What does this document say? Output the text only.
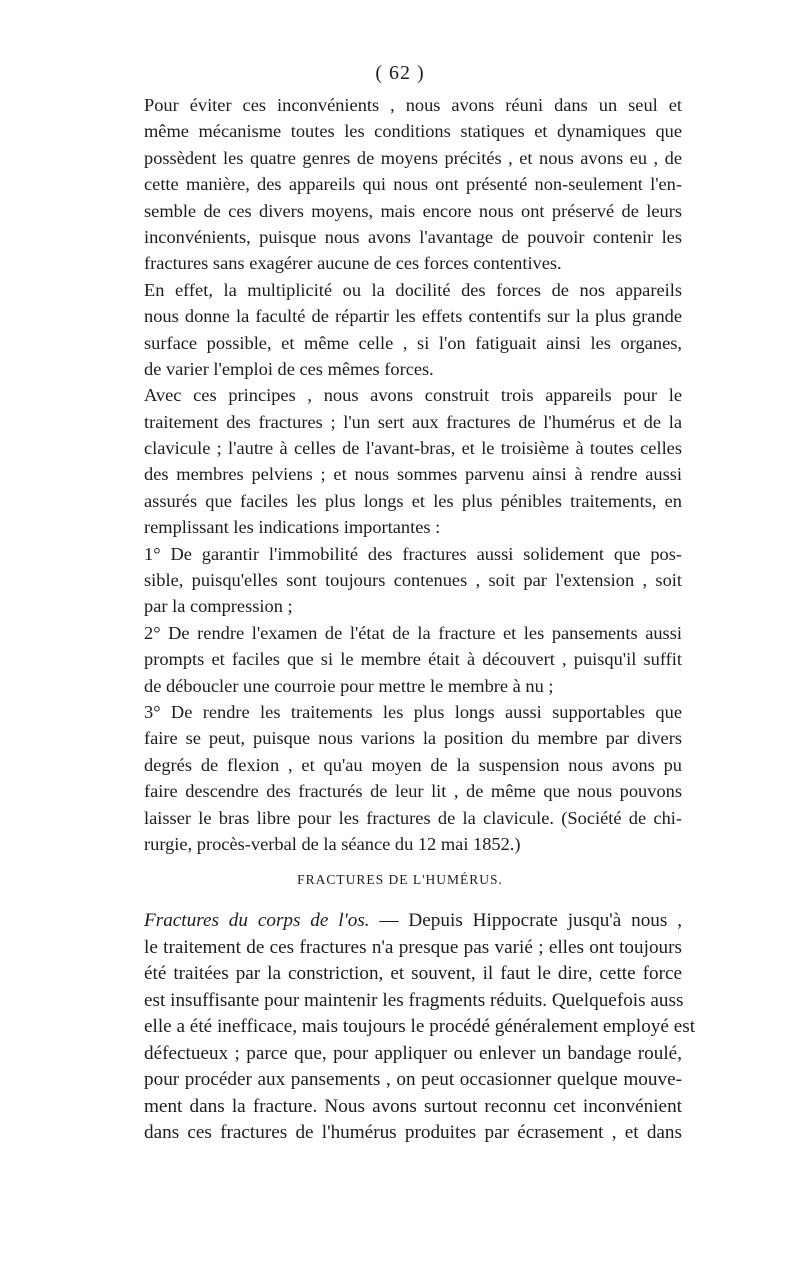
( 62 )
Pour éviter ces inconvénients , nous avons réuni dans un seul et
même mécanisme toutes les conditions statiques et dynamiques que
possèdent les quatre genres de moyens précités , et nous avons eu , de
cette manière, des appareils qui nous ont présenté non-seulement l'en-
semble de ces divers moyens, mais encore nous ont préservé de leurs
inconvénients, puisque nous avons l'avantage de pouvoir contenir les
fractures sans exagérer aucune de ces forces contentives.
En effet, la multiplicité ou la docilité des forces de nos appareils
nous donne la faculté de répartir les effets contentifs sur la plus grande
surface possible, et même celle , si l'on fatiguait ainsi les organes,
de varier l'emploi de ces mêmes forces.
Avec ces principes , nous avons construit trois appareils pour le
traitement des fractures ; l'un sert aux fractures de l'humérus et de la
clavicule ; l'autre à celles de l'avant-bras, et le troisième à toutes celles
des membres pelviens ; et nous sommes parvenu ainsi à rendre aussi
assurés que faciles les plus longs et les plus pénibles traitements, en
remplissant les indications importantes :
1° De garantir l'immobilité des fractures aussi solidement que pos-
sible, puisqu'elles sont toujours contenues , soit par l'extension , soit
par la compression ;
2° De rendre l'examen de l'état de la fracture et les pansements aussi
prompts et faciles que si le membre était à découvert , puisqu'il suffit
de déboucler une courroie pour mettre le membre à nu ;
3° De rendre les traitements les plus longs aussi supportables que
faire se peut, puisque nous varions la position du membre par divers
degrés de flexion , et qu'au moyen de la suspension nous avons pu
faire descendre des fracturés de leur lit , de même que nous pouvons
laisser le bras libre pour les fractures de la clavicule. (Société de chi-
rurgie, procès-verbal de la séance du 12 mai 1852.)
FRACTURES DE L'HUMÉRUS.
Fractures du corps de l'os. — Depuis Hippocrate jusqu'à nous ,
le traitement de ces fractures n'a presque pas varié ; elles ont toujours
été traitées par la constriction, et souvent, il faut le dire, cette force
est insuffisante pour maintenir les fragments réduits. Quelquefois auss
elle a été inefficace, mais toujours le procédé généralement employé est
défectueux ; parce que, pour appliquer ou enlever un bandage roulé,
pour procéder aux pansements , on peut occasionner quelque mouve-
ment dans la fracture. Nous avons surtout reconnu cet inconvénient
dans ces fractures de l'humérus produites par écrasement , et dans
